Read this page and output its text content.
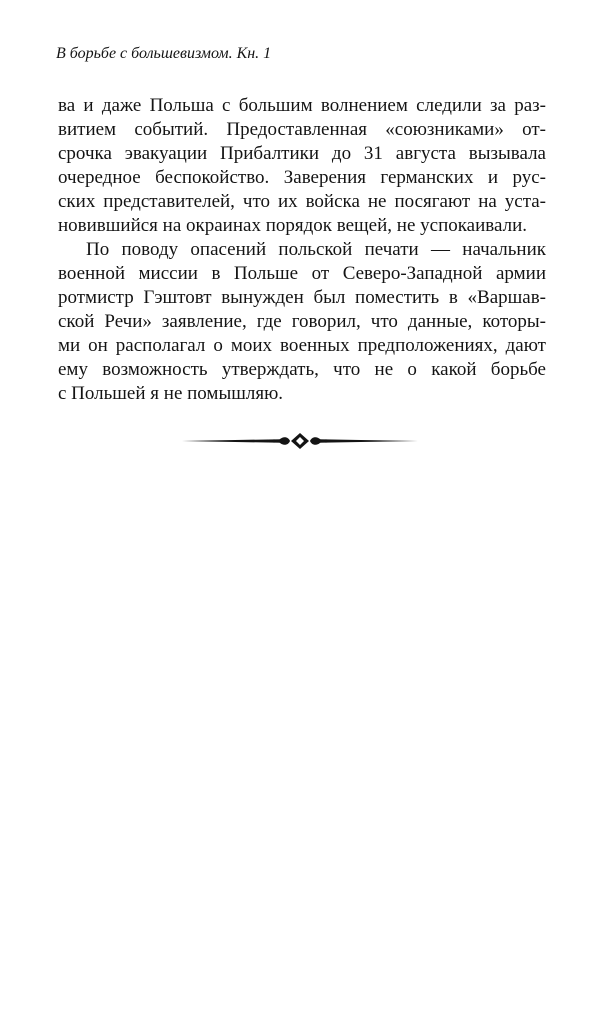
В борьбе с большевизмом. Кн. 1
ва и даже Польша с большим волнением следили за раз-
витием событий. Предоставленная «союзниками» от-
срочка эвакуации Прибалтики до 31 августа вызывала
очередное беспокойство. Заверения германских и рус-
ских представителей, что их войска не посягают на уста-
новившийся на окраинах порядок вещей, не успокаивали.
По поводу опасений польской печати — начальник
военной миссии в Польше от Северо-Западной армии
ротмистр Гэштовт вынужден был поместить в «Варшав-
ской Речи» заявление, где говорил, что данные, которы-
ми он располагал о моих военных предположениях, дают
ему возможность утверждать, что не о какой борьбе
с Польшей я не помышляю.
